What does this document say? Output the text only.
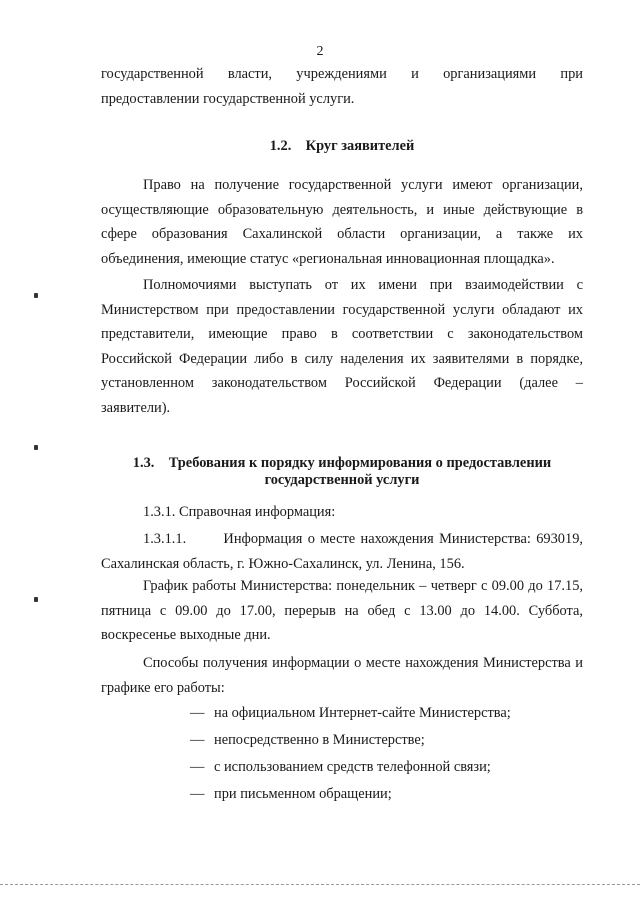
2
государственной власти, учреждениями и организациями при
предоставлении государственной услуги.
1.2.    Круг заявителей
Право на получение государственной услуги имеют организации,
осуществляющие образовательную деятельность, и иные действующие в
сфере образования Сахалинской области организации, а также их
объединения, имеющие статус «региональная инновационная площадка».
Полномочиями выступать от их имени при взаимодействии с
Министерством при предоставлении государственной услуги обладают их
представители, имеющие право в соответствии с законодательством
Российской Федерации либо в силу наделения их заявителями в порядке,
установленном законодательством Российской Федерации (далее –
заявители).
1.3.    Требования к порядку информирования о предоставлении
государственной услуги
1.3.1. Справочная информация:
1.3.1.1.       Информация о месте нахождения Министерства: 693019,
Сахалинская область, г. Южно-Сахалинск, ул. Ленина, 156.
График работы Министерства: понедельник – четверг с 09.00 до 17.15,
пятница с 09.00 до 17.00, перерыв на обед с 13.00 до 14.00. Суббота,
воскресенье выходные дни.
Способы получения информации о месте нахождения Министерства и
графике его работы:
— на официальном Интернет-сайте Министерства;
— непосредственно в Министерстве;
— с использованием средств телефонной связи;
— при письменном обращении;
